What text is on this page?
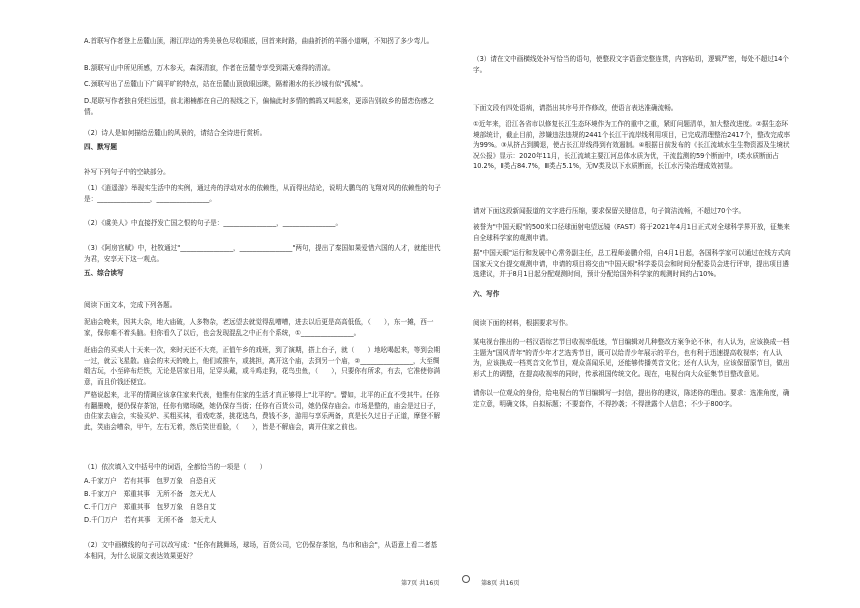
A.首联写作者登上岳麓山顶，湘江岸边的秀美景色尽收眼底，回首来时路，曲曲折折的羊肠小道啊，不知拐了多少弯儿。
B.颔联写山中所见所感，万木参天，森深清寂，作者在岳麓寺享受到霜天难得的清凉。
C.颈联写出了岳麓山下广阔平旷的特点，站在岳麓山顶放眼远眺，隔着湘水的长沙城有似"孤城"。
D.尾联写作者独自凭栏远望，前北湘楠都在自己的视线之下，偏偏此时多情的鹧鸪又叫起来，更添告别故乡的留恋伤感之情。
（2）诗人是如何描绘岳麓山的风景的，请结合全诗进行赏析。
四、默写题
补写下列句子中的空缺部分。
（1）《逍遥游》举现实生活中的实例，通过舟的浮动对水的依赖性，从而得出结论，说明大鹏鸟的飞翔对风的依赖性的句子是：________________，________________。
（2）《虞美人》中直接抒发亡国之恨的句子是：________________，________________。
（3）《阿房宫赋》中，杜牧通过"________________，________________"两句，提出了秦国如果爱惜六国的人才，就能世代为君，安享天下这一观点。
五、综合读写
阅读下面文本，完成下列各题。
泥庙会晚来，因其大杂，地大庙破，人多物杂，老远望去就觉得乱嘈嘈，进去以后更是高高低低，（　　），东一摊，西一家，保你难不着头脑。但你看久了以后，也会发现混乱之中正有个系统，①________________。
赶庙会的买卖人十天来一次，来时天还不大亮，正值午乡的戏班，到了演期，搭上台子，就（　　）地吆喝起来，等到会期一过，就云飞星散。庙会的末天的晚上，他们或推车，或挑担，离开这个庙，去到另一个庙，②________________，大至绸缎古玩，小至碎布烂铁，无论是居家日用，足穿头戴，或斗鸡走狗，花鸟虫鱼，（　　），只要你有所求，有去，它准使你满意，而且价钱还便宜。
严格说起来，北平的情调应该拿住家来代表，他惟有住家的生活才真正够得上"北平的"。譬如，北平的正直不受其牛。任你有翻墨晚，便仍保存茶馆，任你有赌场晓，她仍保存当街；任你有百货公司，她仍保存庙会。市场是整的，庙会是过日子，由住家去庙会，实验买炉、买粗买袜，看戏吃茶，挑花选鸟，费钱不多，游用与享乐两备，真是长久过日子正道，摩登不解此，笑庙会嘈杂，甲午，左右无着，然后笑世看脸，（　　），皆是不解庙会，离开住家之前也。
（1）依次填入文中括号中的词语，全都恰当的一项是（　　）
A.千家万户　若有其事　包罗万象　自恐自灭
B.千家万户　郑重其事　无所不备　忽天尤人
C.千门万户　郑重其事　包罗万象　自怨自艾
D.千门万户　若有其事　无所不备　忽天尤人
（2）文中画横线的句子可以改写成："任你有跳舞场，球场，百货公司，它仍保存茶馆，鸟市和庙会"，从语意上看二者基本相同，为什么说原文表达效果更好？
（3）请在文中画横线处补写恰当的语句，使整段文字语意完整连贯，内容贴切，逻辑严密，每处不超过14个字。
下面文段有四处语病，请指出其序号并作修改，使语言表达准确流畅。
①近年来，沿江各省市以修复长江生态环境作为工作的重中之重，紧盯问题清单，加大整改进度。②据生态环境部统计，截止目前，涉嫌违法违规的2441个长江干流岸线利用项目，已完成清理整治2417个，整改完成率为99%。③从挤占到腾退，使占长江岸线得到有效遏制。④根据日前发布的《长江流域水生生物资源及生境状况公报》显示：2020年11月，长江流域主要江河总体水质为优，干流监测的59个断面中，Ⅰ类水质断面占10.2%，Ⅱ类占84.7%，Ⅲ类占5.1%，无Ⅳ类及以下水质断面，长江水污染治理成效初显。
请对下面这段新闻报道的文字进行压缩，要求保留关键信息，句子简洁流畅，不超过70个字。
被誉为"中国天眼"的500米口径球面射电望远镜（FAST）将于2021年4月1日正式对全球科学界开放，征集来自全球科学家的观测申请。
据"中国天眼"运行和发展中心常务副主任，总工程师姜鹏介绍，自4月1日起，各国科学家可以通过在线方式向国家天文台提交观测申请，申请的项目将交由"中国天眼"科学委员会和时间分配委员会进行评审，提出项目遴选建议，并于8月1日起分配观测时间，预计分配给国外科学家的观测时间约占10%。
六、写作
阅读下面的材料，根据要求写作。
某电视台推出的一档汉语综艺节目收视率低迷，节目编辑对几种整改方案争论不休，有人认为，应该换成一档主题为"国风青年"的青少年才艺选秀节目，既可以给青少年展示的平台，也有利于迅速提高收视率；有人认为，应该换成一档英音文化节目，观众喜闻乐见，还能够传播英音文化；还有人认为，应该保留原节目，做出形式上的调整，在提高收视率的同时，传承祖国传统文化。现在，电视台向大众征集节目整改意见。
请你以一位观众的身份，给电视台的节目编辑写一封信，提出你的建议，陈述你的理由。要求：选准角度，确定立意，明确文体，自拟标题；不要套作，不得抄袭；不得泄露个人信息；不少于800字。
第7页 共16页	第8页 共16页
